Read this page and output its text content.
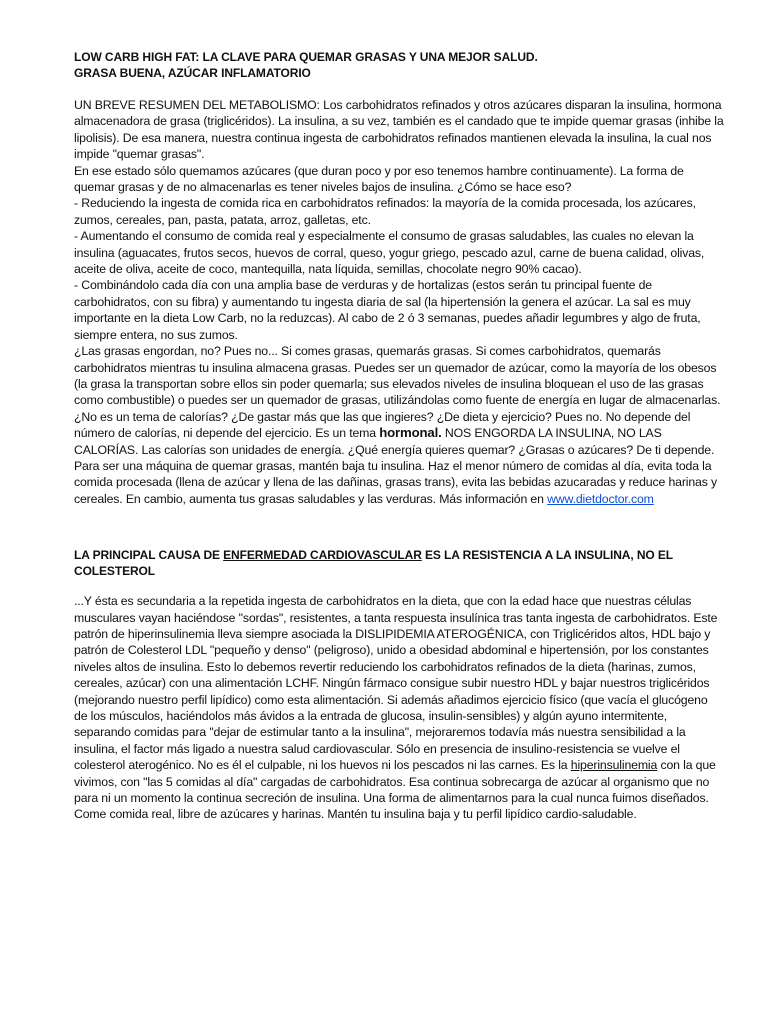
LOW CARB HIGH FAT: LA CLAVE PARA QUEMAR GRASAS Y UNA MEJOR SALUD.
GRASA BUENA, AZÚCAR INFLAMATORIO

UN BREVE RESUMEN DEL METABOLISMO: Los carbohidratos refinados y otros azúcares disparan la insulina, hormona almacenadora de grasa (triglicéridos). La insulina, a su vez, también es el candado que te impide quemar grasas (inhibe la lipolisis). De esa manera, nuestra continua ingesta de carbohidratos refinados mantienen elevada la insulina, la cual nos impide "quemar grasas".

En ese estado sólo quemamos azúcares (que duran poco y por eso tenemos hambre continuamente). La forma de quemar grasas y de no almacenarlas es tener niveles bajos de insulina. ¿Cómo se hace eso?

- Reduciendo la ingesta de comida rica en carbohidratos refinados: la mayoría de la comida procesada, los azúcares, zumos, cereales, pan, pasta, patata, arroz, galletas, etc.

- Aumentando el consumo de comida real y especialmente el consumo de grasas saludables, las cuales no elevan la insulina (aguacates, frutos secos, huevos de corral, queso, yogur griego, pescado azul, carne de buena calidad, olivas, aceite de oliva, aceite de coco, mantequilla, nata líquida, semillas, chocolate negro 90% cacao).

- Combinándolo cada día con una amplia base de verduras y de hortalizas (estos serán tu principal fuente de carbohidratos, con su fibra) y aumentando tu ingesta diaria de sal (la hipertensión la genera el azúcar. La sal es muy importante en la dieta Low Carb, no la reduzcas). Al cabo de 2 ó 3 semanas, puedes añadir legumbres y algo de fruta, siempre entera, no sus zumos.

¿Las grasas engordan, no? Pues no... Si comes grasas, quemarás grasas. Si comes carbohidratos, quemarás carbohidratos mientras tu insulina almacena grasas. Puedes ser un quemador de azúcar, como la mayoría de los obesos (la grasa la transportan sobre ellos sin poder quemarla; sus elevados niveles de insulina bloquean el uso de las grasas como combustible) o puedes ser un quemador de grasas, utilizándolas como fuente de energía en lugar de almacenarlas.

¿No es un tema de calorías? ¿De gastar más que las que ingieres? ¿De dieta y ejercicio? Pues no. No depende del número de calorías, ni depende del ejercicio. Es un tema hormonal. NOS ENGORDA LA INSULINA, NO LAS CALORÍAS. Las calorías son unidades de energía. ¿Qué energía quieres quemar? ¿Grasas o azúcares? De ti depende. Para ser una máquina de quemar grasas, mantén baja tu insulina. Haz el menor número de comidas al día, evita toda la comida procesada (llena de azúcar y llena de las dañinas, grasas trans), evita las bebidas azucaradas y reduce harinas y cereales. En cambio, aumenta tus grasas saludables y las verduras. Más información en www.dietdoctor.com

LA PRINCIPAL CAUSA DE ENFERMEDAD CARDIOVASCULAR ES LA RESISTENCIA A LA INSULINA, NO EL COLESTEROL

...Y ésta es secundaria a la repetida ingesta de carbohidratos en la dieta, que con la edad hace que nuestras células musculares vayan haciéndose "sordas", resistentes, a tanta respuesta insulínica tras tanta ingesta de carbohidratos. Este patrón de hiperinsulinemia lleva siempre asociada la DISLIPIDEMIA ATEROGÉNICA, con Triglicéridos altos, HDL bajo y patrón de Colesterol LDL "pequeño y denso" (peligroso), unido a obesidad abdominal e hipertensión, por los constantes niveles altos de insulina. Esto lo debemos revertir reduciendo los carbohidratos refinados de la dieta (harinas, zumos, cereales, azúcar) con una alimentación LCHF. Ningún fármaco consigue subir nuestro HDL y bajar nuestros triglicéridos (mejorando nuestro perfil lipídico) como esta alimentación. Si además añadimos ejercicio físico (que vacía el glucógeno de los músculos, haciéndolos más ávidos a la entrada de glucosa, insulin-sensibles) y algún ayuno intermitente, separando comidas para "dejar de estimular tanto a la insulina", mejoraremos todavía más nuestra sensibilidad a la insulina, el factor más ligado a nuestra salud cardiovascular. Sólo en presencia de insulino-resistencia se vuelve el colesterol aterogénico. No es él el culpable, ni los huevos ni los pescados ni las carnes. Es la hiperinsulinemia con la que vivimos, con "las 5 comidas al día" cargadas de carbohidratos. Esa continua sobrecarga de azúcar al organismo que no para ni un momento la continua secreción de insulina. Una forma de alimentarnos para la cual nunca fuimos diseñados. Come comida real, libre de azúcares y harinas. Mantén tu insulina baja y tu perfil lipídico cardio-saludable.
